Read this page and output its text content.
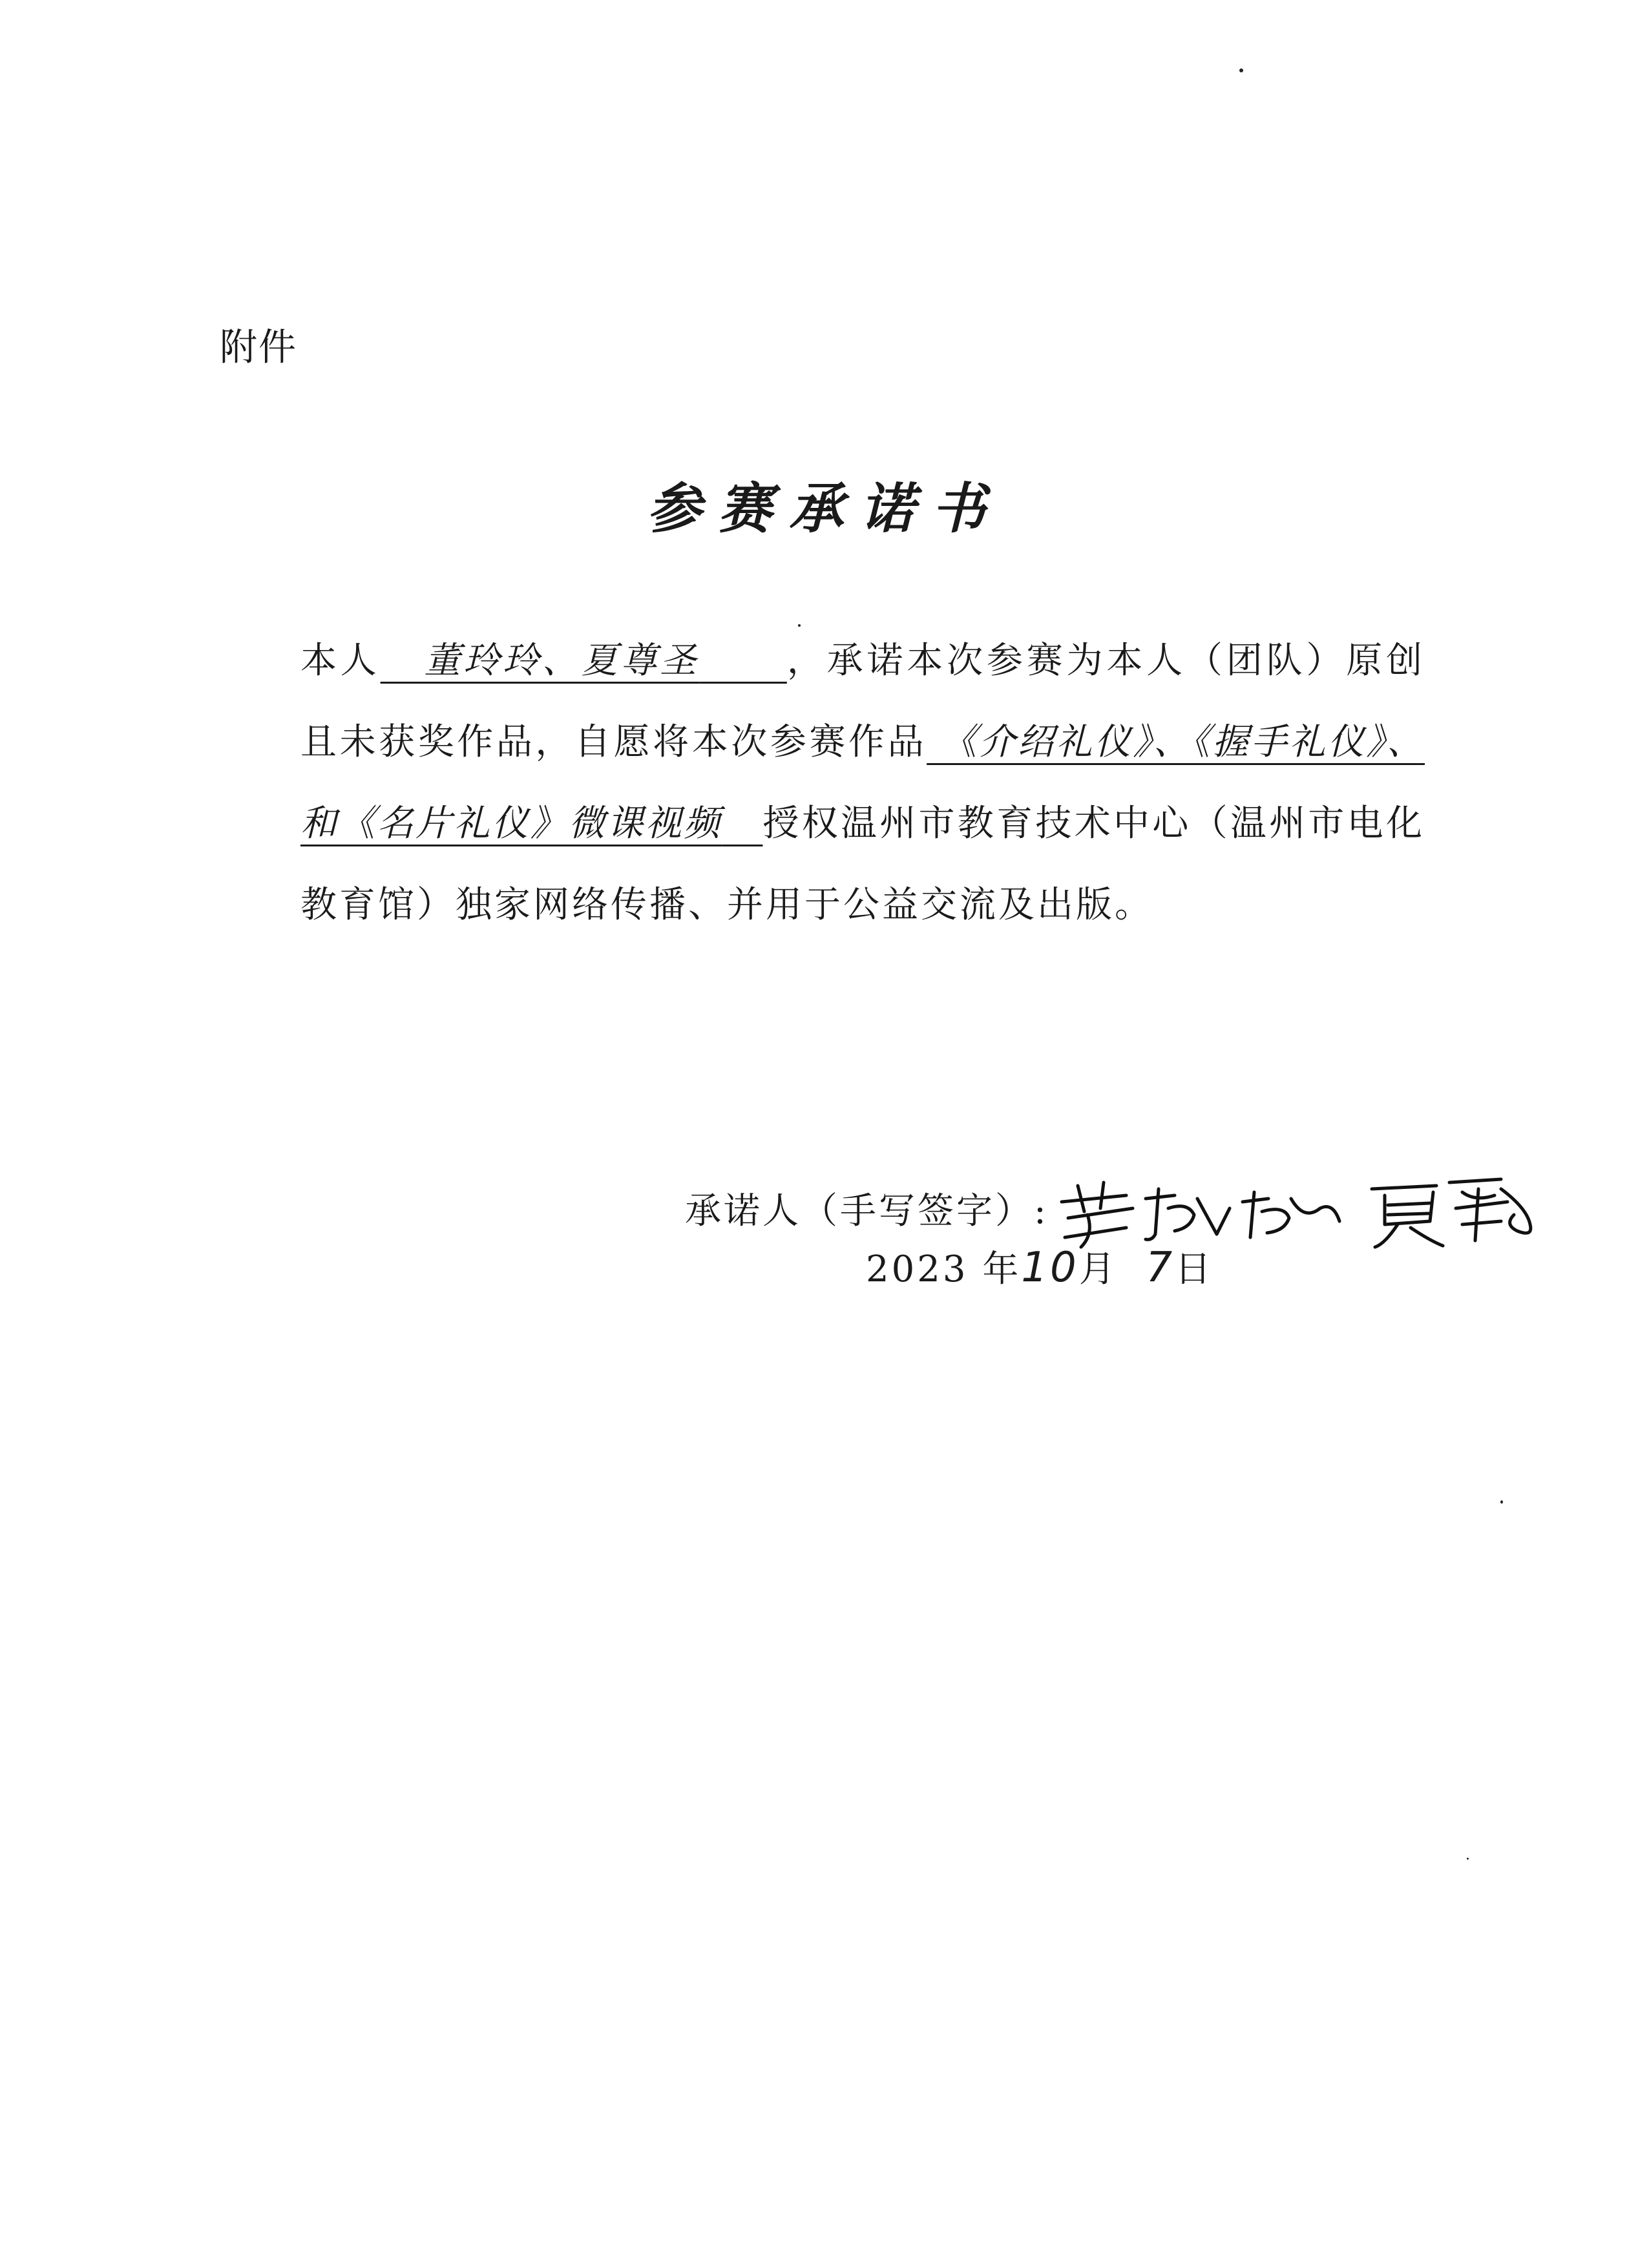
附件
参赛承诺书

本人 董玲玲、夏尊圣 ，承诺本次参赛为本人（团队）原创且未获奖作品，自愿将本次参赛作品 《介绍礼仪》、《握手礼仪》、和《名片礼仪》微课视频 授权温州市教育技术中心（温州市电化教育馆）独家网络传播、并用于公益交流及出版。

承诺人（手写签字）:
2023 年10月 7日
